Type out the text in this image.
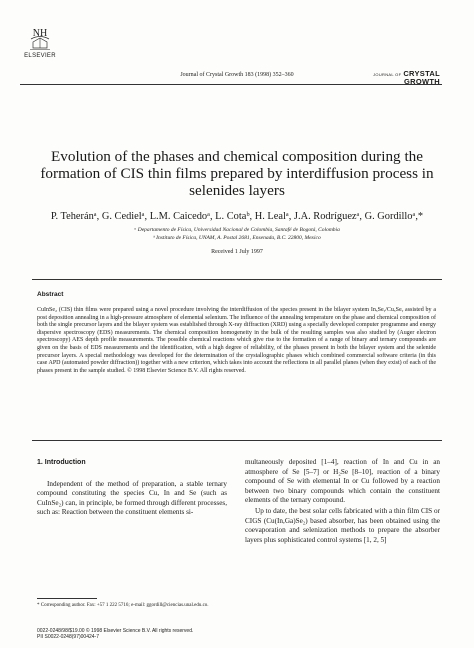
NH
ELSEVIER
Journal of Crystal Growth 183 (1998) 352–360	JOURNAL OF CRYSTAL
GROWTH
Evolution of the phases and chemical composition during the formation of CIS thin films prepared by interdiffusion process in selenides layers
P. Teheránᵃ, G. Cedielᵃ, L.M. Caicedoᵃ, L. Cotaᵇ, H. Lealᵃ, J.A. Rodríguezᵃ, G. Gordilloᵃ,*
ᵃ Departamento de Física, Universidad Nacional de Colombia, Santafé de Bogotá, Colombia
ᵇ Instituto de Física, UNAM, A. Postal 2681, Ensenada, B.C. 22800, Mexico
Received 1 July 1997
Abstract
CuInSe₂ (CIS) thin films were prepared using a novel procedure involving the interdiffusion of the species present in the bilayer system InₓSeᵧ/CuₓSeᵧ assisted by a post deposition annealing in a high-pressure atmosphere of elemental selenium. The influence of the annealing temperature on the phase and chemical composition of both the single precursor layers and the bilayer system was established through X-ray diffraction (XRD) using a specially developed computer programme and energy dispersive spectroscopy (EDS) measurements. The chemical composition homogeneity in the bulk of the resulting samples was also studied by (Auger electron spectroscopy) AES depth profile measurements. The possible chemical reactions which give rise to the formation of a range of binary and ternary compounds are given on the basis of EDS measurements and the identification, with a high degree of reliability, of the phases present in both the bilayer system and the selenide precursor layers. A special methodology was developed for the determination of the crystallographic phases which combined commercial software criteria (in this case APD (automated powder diffraction)) together with a new criterion, which takes into account the reflections in all parallel planes (when they exist) of each of the phases present in the sample studied. © 1998 Elsevier Science B.V. All rights reserved.
1. Introduction

Independent of the method of preparation, a stable ternary compound constituting the species Cu, In and Se (such as CuInSe₂) can, in principle, be formed through different processes, such as: Reaction between the constituent elements si-

multaneously deposited [1–4], reaction of In and Cu in an atmosphere of Se [5–7] or H₂Se [8–10], reaction of a binary compound of Se with elemental In or Cu followed by a reaction between two binary compounds which contain the constituent elements of the ternary compound.

Up to date, the best solar cells fabricated with a thin film CIS or CIGS (Cu(In,Ga)Se₂) based absorber, has been obtained using the coevaporation and selenization methods to prepare the absorber layers plus sophisticated control systems [1, 2, 5]

* Corresponding author. Fax: +57 1 222 5716; e-mail: ggordill@ciencias.unal.edu.co.
0022-0248/98/$19.00 © 1998 Elsevier Science B.V. All rights reserved.
PII S0022-0248(97)00424-7
